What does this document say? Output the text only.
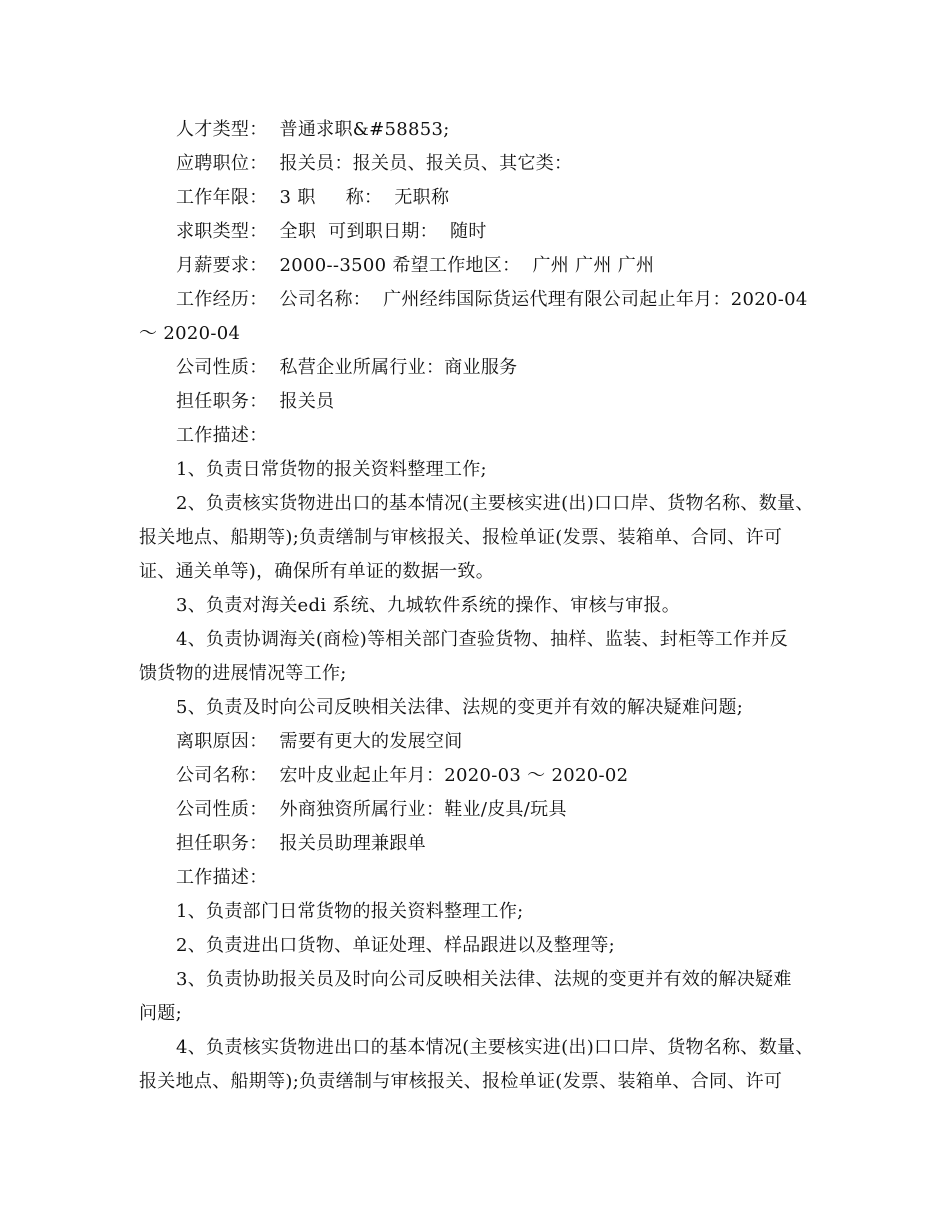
人才类型：  普通求职&#58853;
应聘职位：  报关员：报关员、报关员、其它类：
工作年限：  3 职     称：  无职称
求职类型：  全职  可到职日期：  随时
月薪要求：  2000--3500 希望工作地区：  广州 广州 广州
工作经历：  公司名称：  广州经纬国际货运代理有限公司起止年月：2020-04
～ 2020-04
公司性质：  私营企业所属行业：商业服务
担任职务：  报关员
工作描述：
1、负责日常货物的报关资料整理工作;
2、负责核实货物进出口的基本情况(主要核实进(出)口口岸、货物名称、数量、
报关地点、船期等);负责缮制与审核报关、报检单证(发票、装箱单、合同、许可
证、通关单等)，确保所有单证的数据一致。
3、负责对海关edi 系统、九城软件系统的操作、审核与审报。
4、负责协调海关(商检)等相关部门查验货物、抽样、监装、封柜等工作并反
馈货物的进展情况等工作;
5、负责及时向公司反映相关法律、法规的变更并有效的解决疑难问题;
离职原因：  需要有更大的发展空间
公司名称：  宏叶皮业起止年月：2020-03 ～ 2020-02
公司性质：  外商独资所属行业：鞋业/皮具/玩具
担任职务：  报关员助理兼跟单
工作描述：
1、负责部门日常货物的报关资料整理工作;
2、负责进出口货物、单证处理、样品跟进以及整理等;
3、负责协助报关员及时向公司反映相关法律、法规的变更并有效的解决疑难
问题;
4、负责核实货物进出口的基本情况(主要核实进(出)口口岸、货物名称、数量、
报关地点、船期等);负责缮制与审核报关、报检单证(发票、装箱单、合同、许可
